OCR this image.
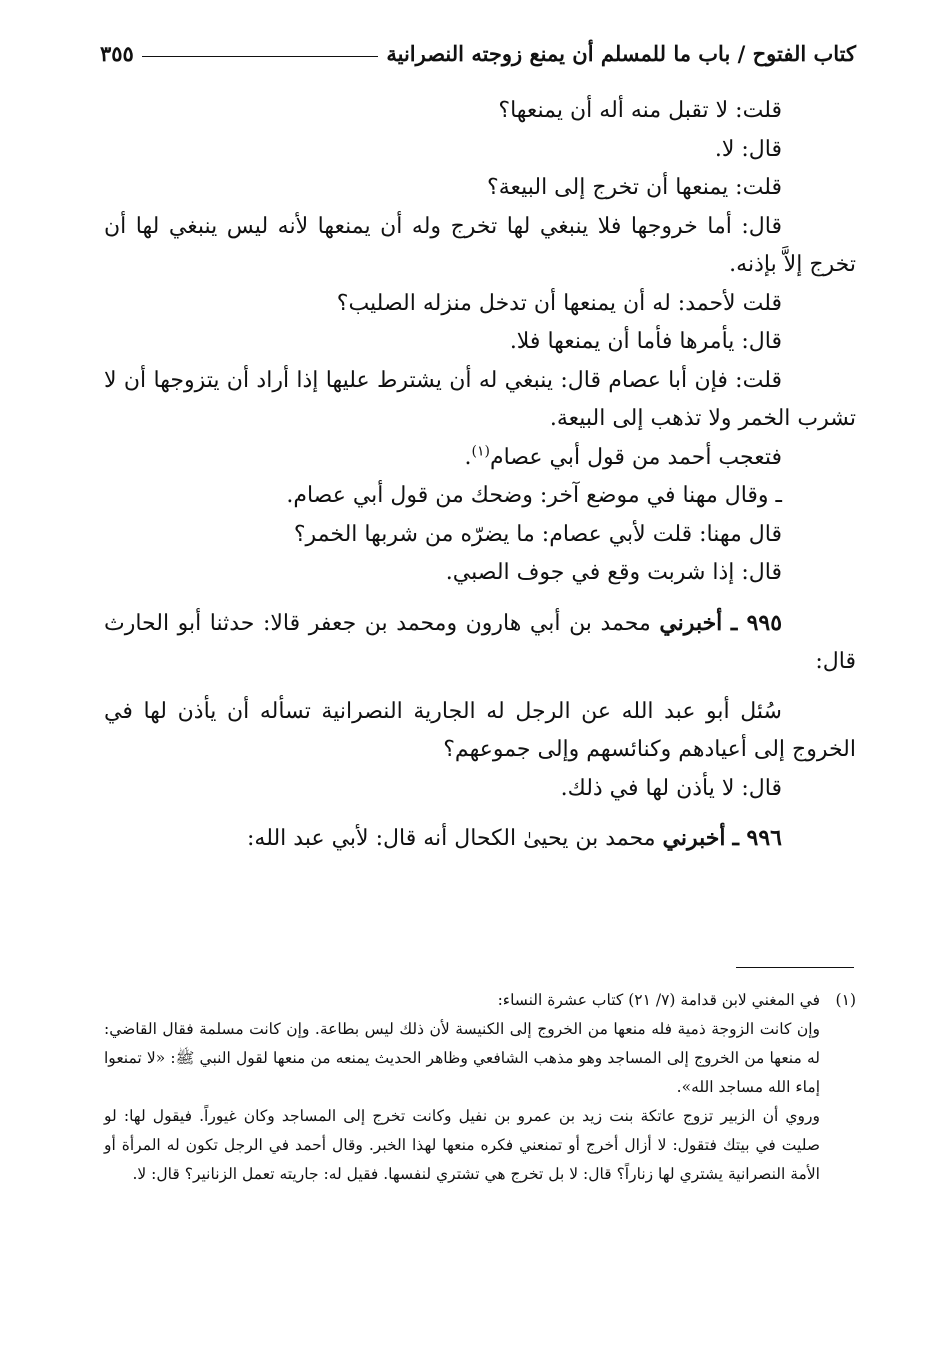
كتاب الفتوح / باب ما للمسلم أن يمنع زوجته النصرانية
٣٥٥

قلت: لا تقبل منه أله أن يمنعها؟

قال: لا.

قلت: يمنعها أن تخرج إلى البيعة؟

قال: أما خروجها فلا ينبغي لها تخرج وله أن يمنعها لأنه ليس ينبغي لها أن تخرج إلاَّ بإذنه.

قلت لأحمد: له أن يمنعها أن تدخل منزله الصليب؟

قال: يأمرها فأما أن يمنعها فلا.

قلت: فإن أبا عصام قال: ينبغي له أن يشترط عليها إذا أراد أن يتزوجها أن لا تشرب الخمر ولا تذهب إلى البيعة.

فتعجب أحمد من قول أبي عصام$^{(١)}$.

ـ وقال مهنا في موضع آخر: وضحك من قول أبي عصام.

قال مهنا: قلت لأبي عصام: ما يضرّه من شربها الخمر؟

قال: إذا شربت وقع في جوف الصبي.

٩٩٥ ـ أخبرني محمد بن أبي هارون ومحمد بن جعفر قالا: حدثنا أبو الحارث قال:

سُئل أبو عبد الله عن الرجل له الجارية النصرانية تسأله أن يأذن لها في الخروج إلى أعيادهم وكنائسهم وإلى جموعهم؟

قال: لا يأذن لها في ذلك.

٩٩٦ ـ أخبرني محمد بن يحيىٰ الكحال أنه قال: لأبي عبد الله:

(١)
في المغني لابن قدامة (٧/ ٢١) كتاب عشرة النساء:

وإن كانت الزوجة ذمية فله منعها من الخروج إلى الكنيسة لأن ذلك ليس بطاعة. وإن كانت مسلمة فقال القاضي: له منعها من الخروج إلى المساجد وهو مذهب الشافعي وظاهر الحديث يمنعه من منعها لقول النبي ﷺ: «لا تمنعوا إماء الله مساجد الله».

وروي أن الزبير تزوج عاتكة بنت زيد بن عمرو بن نفيل وكانت تخرج إلى المساجد وكان غيوراً. فيقول لها: لو صليت في بيتك فتقول: لا أزال أخرج أو تمنعني فكره منعها لهذا الخبر. وقال أحمد في الرجل تكون له المرأة أو الأمة النصرانية يشتري لها زناراً؟ قال: لا بل تخرج هي تشتري لنفسها. فقيل له: جاريته تعمل الزنانير؟ قال: لا.
